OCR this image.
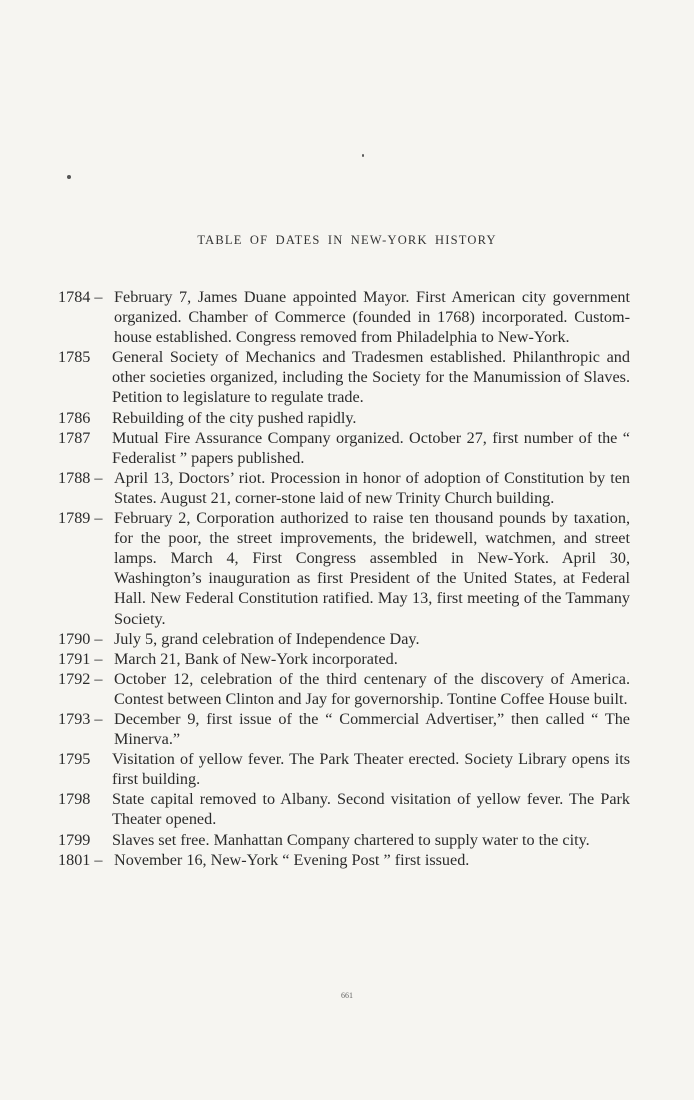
TABLE OF DATES IN NEW-YORK HISTORY
1784 – February 7, James Duane appointed Mayor. First American city government organized. Chamber of Commerce (founded in 1768) incorporated. Custom-house established. Congress removed from Philadelphia to New-York.
1785	General Society of Mechanics and Tradesmen established. Philanthropic and other societies organized, including the Society for the Manumission of Slaves. Petition to legislature to regulate trade.
1786	Rebuilding of the city pushed rapidly.
1787	Mutual Fire Assurance Company organized. October 27, first number of the “ Federalist ” papers published.
1788 – April 13, Doctors’ riot. Procession in honor of adoption of Constitution by ten States. August 21, corner-stone laid of new Trinity Church building.
1789 – February 2, Corporation authorized to raise ten thousand pounds by taxation, for the poor, the street improvements, the bridewell, watchmen, and street lamps. March 4, First Congress assembled in New-York. April 30, Washington’s inauguration as first President of the United States, at Federal Hall. New Federal Constitution ratified. May 13, first meeting of the Tammany Society.
1790 – July 5, grand celebration of Independence Day.
1791 – March 21, Bank of New-York incorporated.
1792 – October 12, celebration of the third centenary of the discovery of America. Contest between Clinton and Jay for governorship. Tontine Coffee House built.
1793 – December 9, first issue of the “ Commercial Advertiser,” then called “ The Minerva.”
1795	Visitation of yellow fever. The Park Theater erected. Society Library opens its first building.
1798	State capital removed to Albany. Second visitation of yellow fever. The Park Theater opened.
1799	Slaves set free. Manhattan Company chartered to supply water to the city.
1801 – November 16, New-York “ Evening Post ” first issued.
661
